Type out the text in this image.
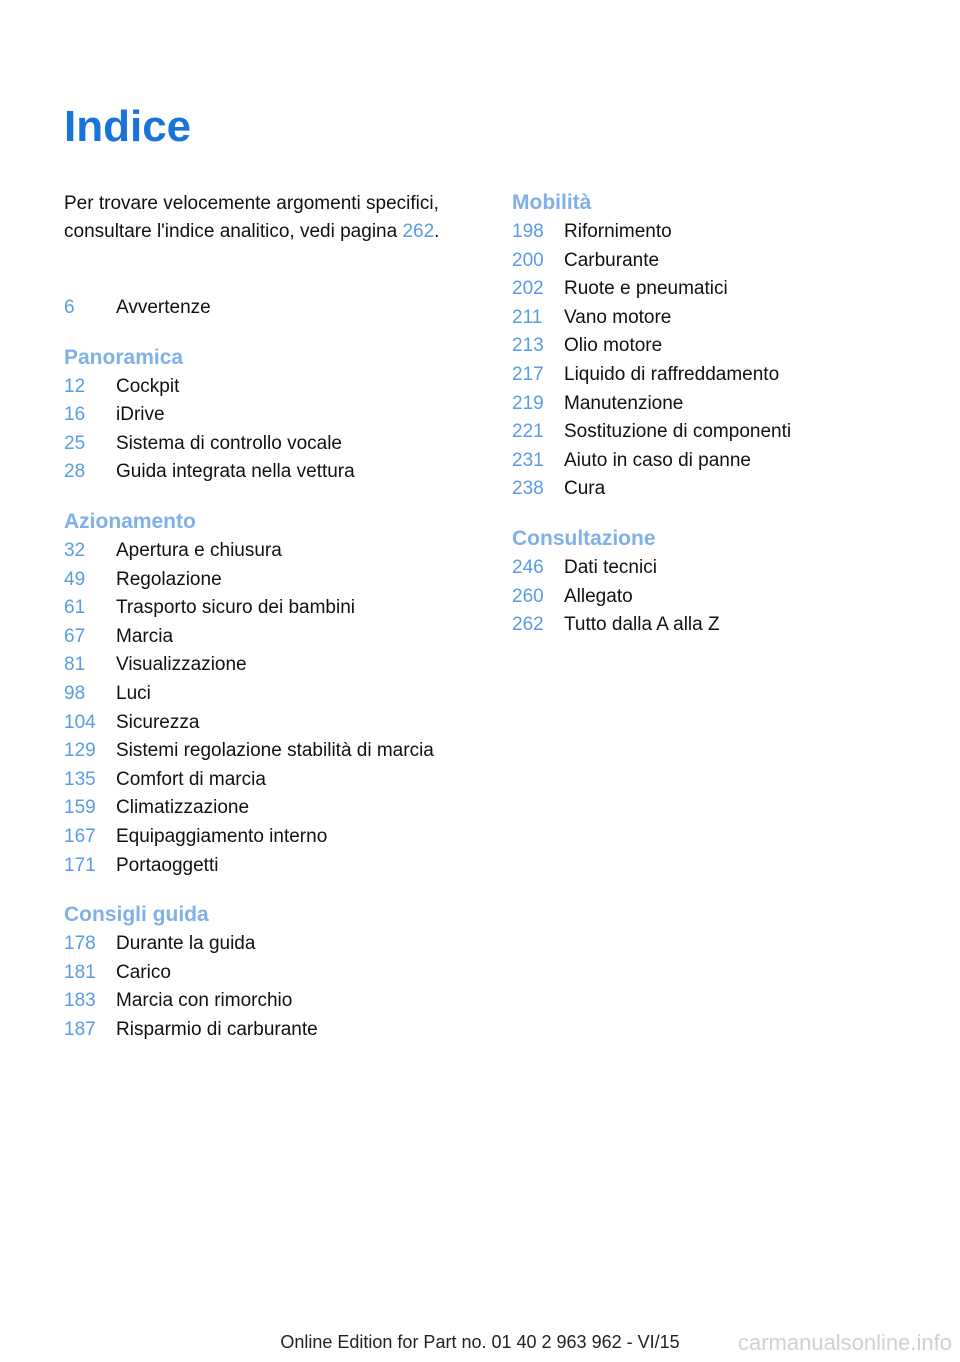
Indice

Per trovare velocemente argomenti specifici, consultare l'indice analitico, vedi pagina 262.

6	Avvertenze
Panoramica
12	Cockpit
16	iDrive
25	Sistema di controllo vocale
28	Guida integrata nella vettura
Azionamento
32	Apertura e chiusura
49	Regolazione
61	Trasporto sicuro dei bambini
67	Marcia
81	Visualizzazione
98	Luci
104	Sicurezza
129	Sistemi regolazione stabilità di marcia
135	Comfort di marcia
159	Climatizzazione
167	Equipaggiamento interno
171	Portaoggetti
Consigli guida
178	Durante la guida
181	Carico
183	Marcia con rimorchio
187	Risparmio di carburante
Mobilità
198	Rifornimento
200	Carburante
202	Ruote e pneumatici
211	Vano motore
213	Olio motore
217	Liquido di raffreddamento
219	Manutenzione
221	Sostituzione di componenti
231	Aiuto in caso di panne
238	Cura
Consultazione
246	Dati tecnici
260	Allegato
262	Tutto dalla A alla Z
Online Edition for Part no. 01 40 2 963 962 - VI/15	carmanualsonline.info
